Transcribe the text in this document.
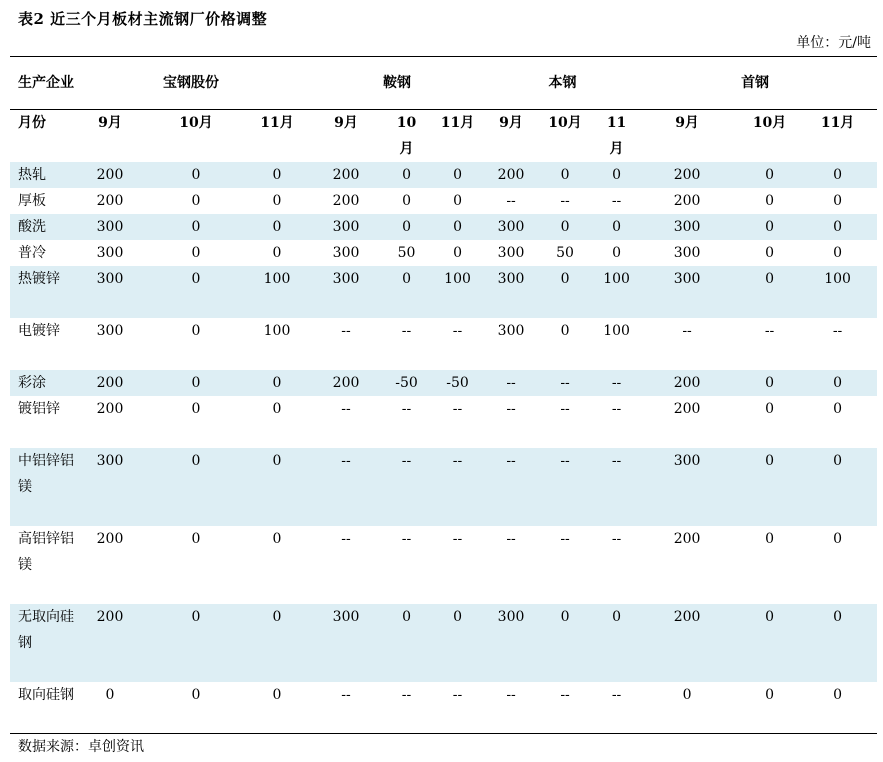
表2 近三个月板材主流钢厂价格调整
单位：元/吨
生产企业	宝钢股份			鞍钢			本钢			首钢		
月份	9月	10月	11月	9月	10月	11月	9月	10月	11月	9月	10月	11月
热轧	200	0	0	200	0	0	200	0	0	200	0	0
厚板	200	0	0	200	0	0	--	--	--	200	0	0
酸洗	300	0	0	300	0	0	300	0	0	300	0	0
普冷	300	0	0	300	50	0	300	50	0	300	0	0
热镀锌	300	0	100	300	0	100	300	0	100	300	0	100
电镀锌	300	0	100	--	--	--	300	0	100	--	--	--
彩涂	200	0	0	200	-50	-50	--	--	--	200	0	0
镀铝锌	200	0	0	--	--	--	--	--	--	200	0	0
中铝锌铝镁	300	0	0	--	--	--	--	--	--	300	0	0
高铝锌铝镁	200	0	0	--	--	--	--	--	--	200	0	0
无取向硅钢	200	0	0	300	0	0	300	0	0	200	0	0
取向硅钢	0	0	0	--	--	--	--	--	--	0	0	0
数据来源：卓创资讯
